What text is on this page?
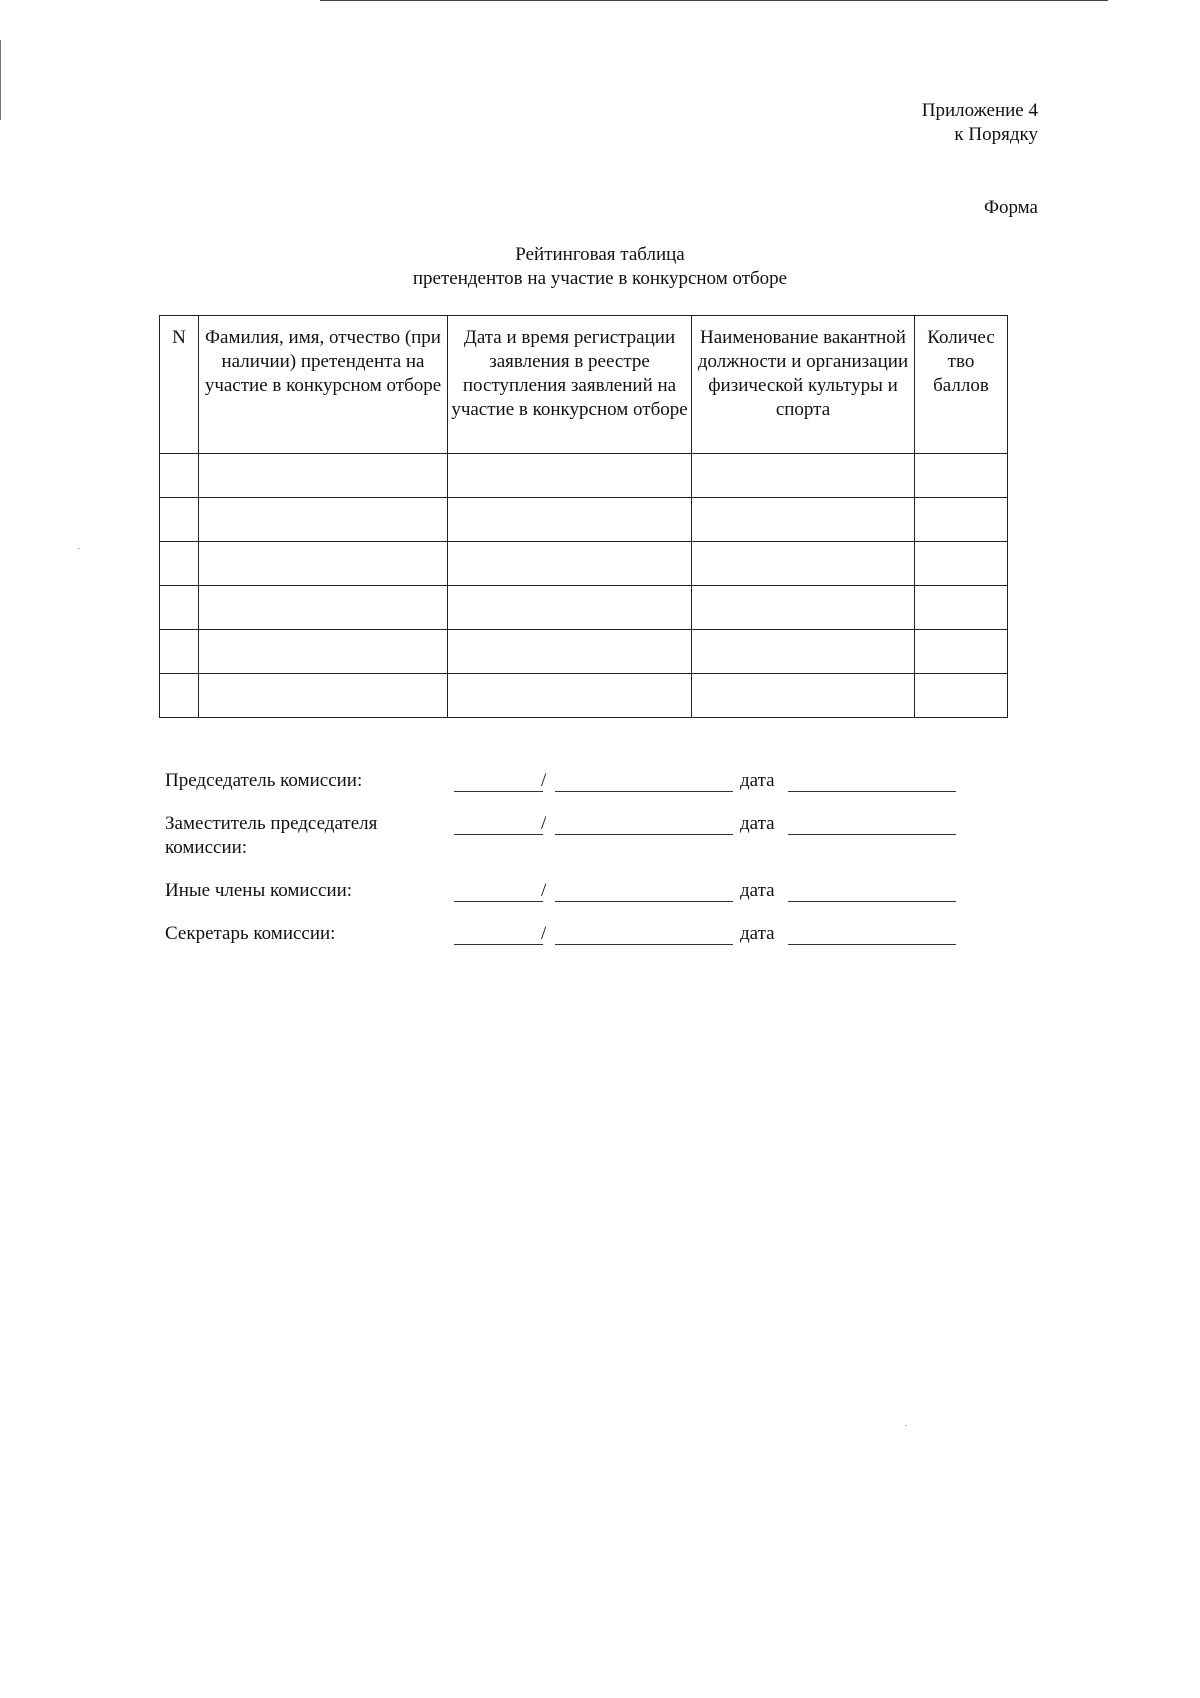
Приложение 4
к Порядку
Форма
Рейтинговая таблица
претендентов на участие в конкурсном отборе
N	Фамилия, имя, отчество (при наличии) претендента на участие в конкурсном отборе	Дата и время регистрации заявления в реестре поступления заявлений на участие в конкурсном отборе	Наименование вакантной должности и организации физической культуры и спорта	Количес тво баллов

Председатель комиссии:	/	дата
Заместитель председателя
комиссии:
/	дата
Иные члены комиссии:	/	дата
Секретарь комиссии:	/	дата
